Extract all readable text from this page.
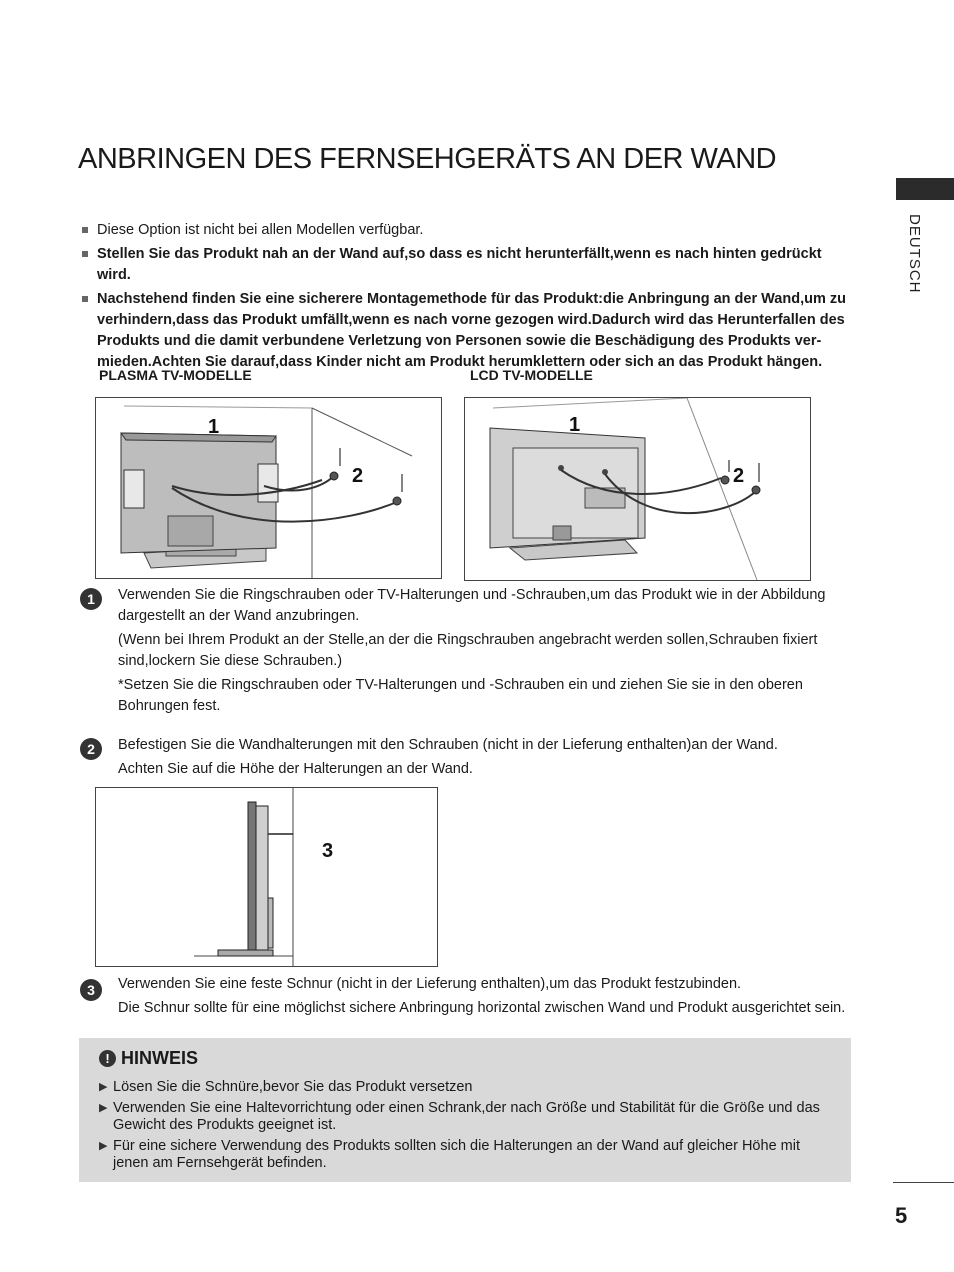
ANBRINGEN DES FERNSEHGERÄTS AN DER WAND
DEUTSCH
Diese Option ist nicht bei allen Modellen verfügbar.
Stellen Sie das Produkt nah an der Wand auf,so dass es nicht herunterfällt,wenn es nach hinten gedrückt wird.
Nachstehend finden Sie eine sicherere Montagemethode für das Produkt:die Anbringung an der Wand,um zu verhindern,dass das Produkt umfällt,wenn es nach vorne gezogen wird.Dadurch wird das Herunterfallen des Produkts und die damit verbundene Verletzung von Personen sowie die Beschädigung des Produkts ver-mieden.Achten Sie darauf,dass Kinder nicht am Produkt herumklettern oder sich an das Produkt hängen.
PLASMA TV-MODELLE	LCD TV-MODELLE
1
2
1
2
1	Verwenden Sie die Ringschrauben oder TV-Halterungen und -Schrauben,um das Produkt wie in der Abbildung dargestellt an der Wand anzubringen.

(Wenn bei Ihrem Produkt an der Stelle,an der die Ringschrauben angebracht werden sollen,Schrauben fixiert sind,lockern Sie diese Schrauben.)

*Setzen Sie die Ringschrauben oder TV-Halterungen und -Schrauben ein und ziehen Sie sie in den oberen Bohrungen fest.

2	Befestigen Sie die Wandhalterungen mit den Schrauben (nicht in der Lieferung enthalten)an der Wand.

Achten Sie auf die Höhe der Halterungen an der Wand.

3
3	Verwenden Sie eine feste Schnur (nicht in der Lieferung enthalten),um das Produkt festzubinden.

Die Schnur sollte für eine möglichst sichere Anbringung horizontal zwischen Wand und Produkt ausgerichtet sein.

! HINWEIS
▶ Lösen Sie die Schnüre,bevor Sie das Produkt versetzen
▶ Verwenden Sie eine Haltevorrichtung oder einen Schrank,der nach Größe und Stabilität für die Größe und das Gewicht des Produkts geeignet ist.
▶ Für eine sichere Verwendung des Produkts sollten sich die Halterungen an der Wand auf gleicher Höhe mit jenen am Fernsehgerät befinden.
5
